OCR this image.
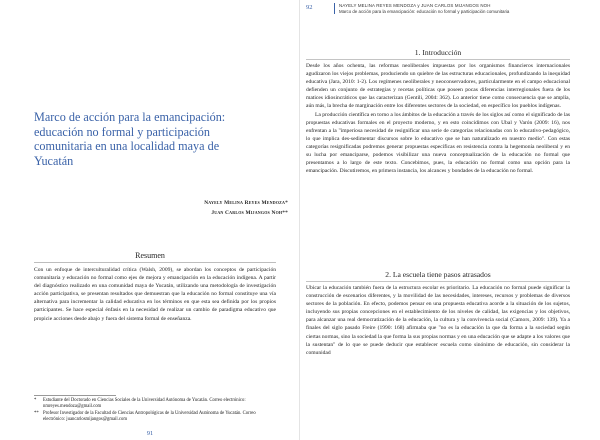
Marco de acción para la emancipación: educación no formal y participación comunitaria en una localidad maya de Yucatán
Nayely Melina Reyes Mendoza*
Juan Carlos Mijangos Noh**
Resumen

Con un enfoque de interculturalidad crítica (Walsh, 2009), se abordan los conceptos de participación comunitaria y educación no formal como ejes de mejora y emancipación en la educación indígena. A partir del diagnóstico realizado en una comunidad maya de Yucatán, utilizando una metodología de investigación acción participativa, se presentan resultados que demuestran que la educación no formal constituye una vía alternativa para incrementar la calidad educativa en los términos en que esta sea definida por los propios participantes. Se hace especial énfasis en la necesidad de realizar un cambio de paradigma educativo que propicie acciones desde abajo y fuera del sistema formal de enseñanza.

*	Estudiante del Doctorado en Ciencias Sociales de la Universidad Autónoma de Yucatán. Correo electrónico: nmreyes.mendoza@gmail.com
** Profesor Investigador de la Facultad de Ciencias Antropológicas de la Universidad Autónoma de Yucatán. Correo electrónico: juancarlosmijangos@gmail.com
91
92	NAYELY MELINA REYES MENDOZA y JUAN CARLOS MIJANGOS NOH
Marco de acción para la emancipación: educación no formal y participación comunitaria
1. Introducción

Desde los años ochenta, las reformas neoliberales impuestas por los organismos financieros internacionales agudizaron los viejos problemas, produciendo un quiebre de las estructuras educacionales, profundizando la inequidad educativa (Jara, 2010: 1-2). Los regímenes neoliberales y neoconservadores, particularmente en el campo educacional defienden un conjunto de estrategias y recetas políticas que poseen pocas diferencias interregionales fuera de los matices idiosincráticos que las caracterizan (Gentili, 2004: 362). Lo anterior tiene como consecuencia que se amplía, aún más, la brecha de marginación entre los diferentes sectores de la sociedad, en específico los pueblos indígenas.

La producción científica en torno a los ámbitos de la educación a través de los siglos así como el significado de las propuestas educativas formales en el proyecto moderno, y en esto coincidimos con Ubal y Varón (2009: 16), nos enfrentan a la "imperiosa necesidad de resignificar una serie de categorías relacionadas con lo educativo-pedagógico, lo que implica des-sedimentar discursos sobre lo educativo que se han naturalizado en nuestro medio". Con estas categorías resignificadas podremos generar propuestas específicas en resistencia contra la hegemonía neoliberal y en su lucha por emanciparse, podemos visibilizar una nueva conceptualización de la educación no formal que presentamos a lo largo de este texto. Concebimos, pues, la educación no formal como una opción para la emancipación. Discutiremos, en primera instancia, los alcances y bondades de la educación no formal.

2. La escuela tiene pasos atrasados

Ubicar la educación también fuera de la estructura escolar es prioritario. La educación no formal puede significar la construcción de escenarios diferentes, y la movilidad de las necesidades, intereses, recursos y problemas de diversos sectores de la población. En efecto, podemos pensar en una propuesta educativa acorde a la situación de los sujetos, incluyendo sus propias concepciones en el establecimiento de los niveles de calidad, las exigencias y los objetivos, para alcanzar una real democratización de la educación, la cultura y la convivencia social (Camors, 2009: 139). Ya a finales del siglo pasado Freire (1990: 168) afirmaba que "no es la educación la que da forma a la sociedad según ciertas normas, sino la sociedad la que forma la sus propias normas y en una educación que se adapte a los valores que la sustentan" de lo que se puede deducir que establecer escuela como sinónimo de educación, sin considerar la comunidad
